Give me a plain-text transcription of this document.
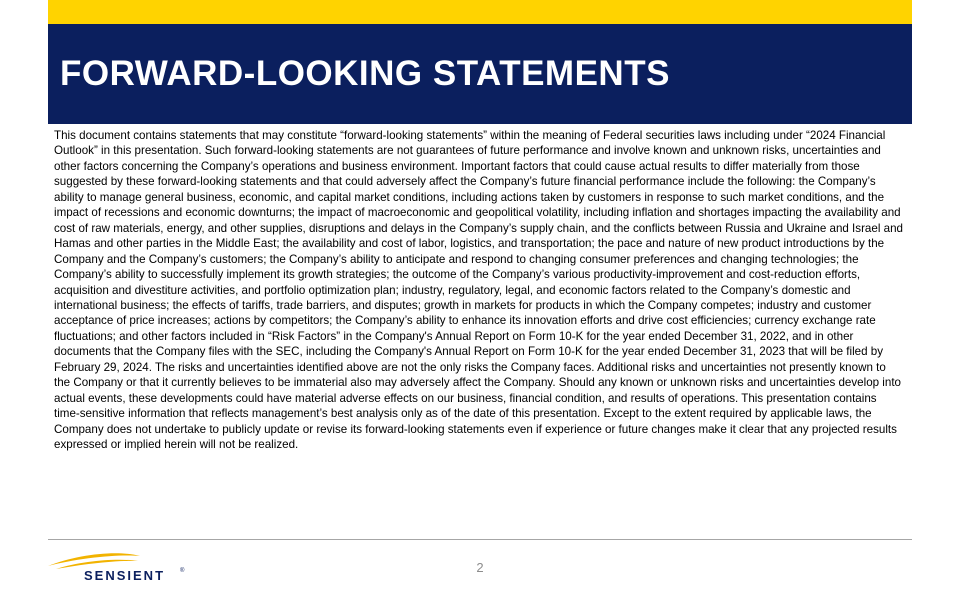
FORWARD-LOOKING STATEMENTS

This document contains statements that may constitute “forward-looking statements” within the meaning of Federal securities laws including under “2024 Financial Outlook” in this presentation. Such forward-looking statements are not guarantees of future performance and involve known and unknown risks, uncertainties and other factors concerning the Company’s operations and business environment. Important factors that could cause actual results to differ materially from those suggested by these forward-looking statements and that could adversely affect the Company’s future financial performance include the following: the Company’s ability to manage general business, economic, and capital market conditions, including actions taken by customers in response to such market conditions, and the impact of recessions and economic downturns; the impact of macroeconomic and geopolitical volatility, including inflation and shortages impacting the availability and cost of raw materials, energy, and other supplies, disruptions and delays in the Company’s supply chain, and the conflicts between Russia and Ukraine and Israel and Hamas and other parties in the Middle East; the availability and cost of labor, logistics, and transportation; the pace and nature of new product introductions by the Company and the Company’s customers; the Company’s ability to anticipate and respond to changing consumer preferences and changing technologies; the Company’s ability to successfully implement its growth strategies; the outcome of the Company’s various productivity-improvement and cost-reduction efforts, acquisition and divestiture activities, and portfolio optimization plan; industry, regulatory, legal, and economic factors related to the Company’s domestic and international business; the effects of tariffs, trade barriers, and disputes; growth in markets for products in which the Company competes; industry and customer acceptance of price increases; actions by competitors; the Company’s ability to enhance its innovation efforts and drive cost efficiencies; currency exchange rate fluctuations; and other factors included in “Risk Factors” in the Company's Annual Report on Form 10-K for the year ended December 31, 2022, and in other documents that the Company files with the SEC, including the Company's Annual Report on Form 10-K for the year ended December 31, 2023 that will be filed by February 29, 2024. The risks and uncertainties identified above are not the only risks the Company faces. Additional risks and uncertainties not presently known to the Company or that it currently believes to be immaterial also may adversely affect the Company. Should any known or unknown risks and uncertainties develop into actual events, these developments could have material adverse effects on our business, financial condition, and results of operations. This presentation contains time-sensitive information that reflects management’s best analysis only as of the date of this presentation. Except to the extent required by applicable laws, the Company does not undertake to publicly update or revise its forward-looking statements even if experience or future changes make it clear that any projected results expressed or implied herein will not be realized.

SENSIENT ®	2
